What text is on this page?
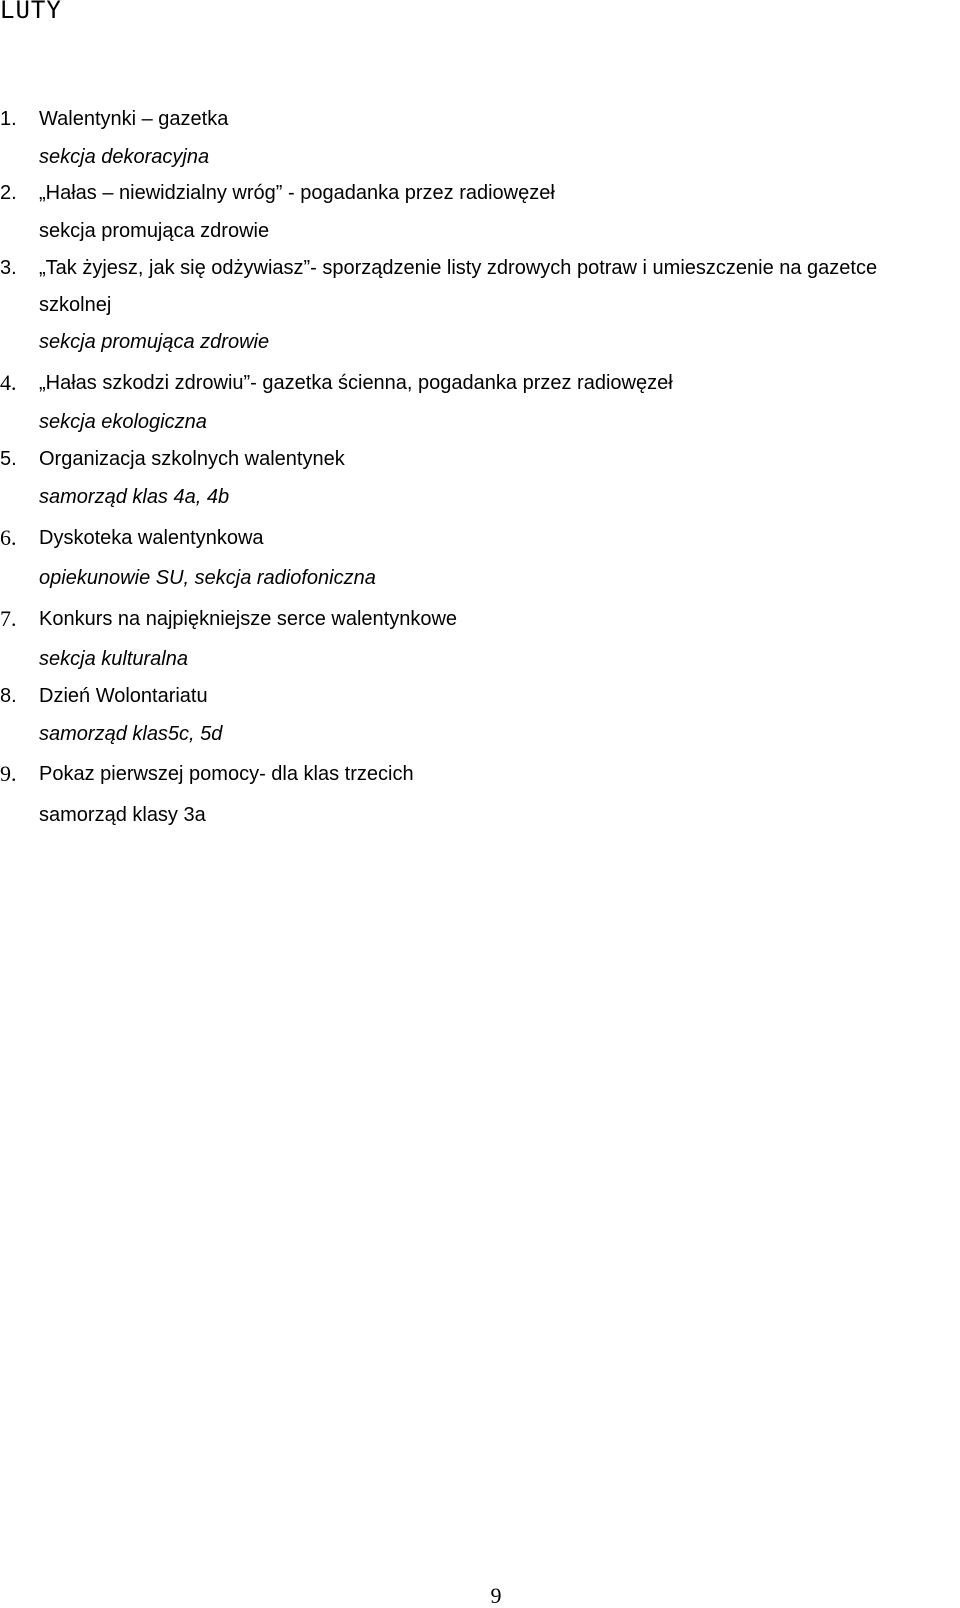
LUTY
1.	Walentynki – gazetka
sekcja dekoracyjna
2.	„Hałas – niewidzialny wróg” - pogadanka przez radiowęzeł
sekcja promująca zdrowie
3.	„Tak żyjesz, jak się odżywiasz”- sporządzenie listy zdrowych potraw i umieszczenie na gazetce
szkolnej
sekcja promująca zdrowie
4.	„Hałas szkodzi zdrowiu”- gazetka ścienna, pogadanka przez radiowęzeł
sekcja ekologiczna
5.	Organizacja szkolnych walentynek
samorząd klas 4a, 4b
6.	Dyskoteka walentynkowa
opiekunowie SU, sekcja radiofoniczna
7.	Konkurs na najpiękniejsze serce walentynkowe
sekcja kulturalna
8.	Dzień Wolontariatu
samorząd klas5c, 5d
9.	Pokaz pierwszej pomocy- dla klas trzecich
samorząd klasy 3a
9
